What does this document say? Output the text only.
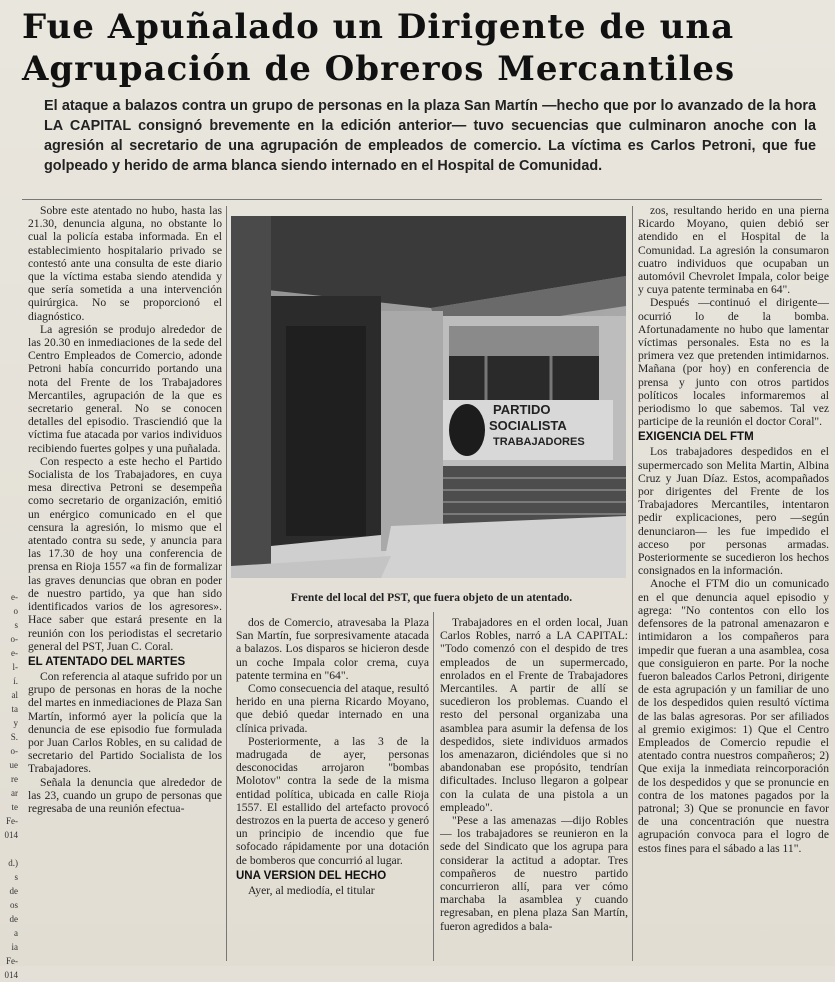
e-
o
s
o-
e-
l-
í.
al
ta
y
S.
o-
ue
re
ar
te
Fe-
014
d.)
s
de
os
de
a
ia
Fe-
014
Fue Apuñalado un Dirigente de una
Agrupación de Obreros Mercantiles

El ataque a balazos contra un grupo de personas en la plaza San Martín —hecho que por lo avanzado de la hora LA CAPITAL consignó brevemente en la edición anterior— tuvo secuencias que culminaron anoche con la agresión al secretario de una agrupación de empleados de comercio. La víctima es Carlos Petroni, que fue golpeado y herido de arma blanca siendo internado en el Hospital de Comunidad.

Sobre este atentado no hubo, hasta las 21.30, denuncia alguna, no obstante lo cual la policía estaba informada. En el establecimiento hospitalario privado se contestó ante una consulta de este diario que la víctima estaba siendo atendida y que sería sometida a una intervención quirúrgica. No se proporcionó el diagnóstico.

La agresión se produjo alrededor de las 20.30 en inmediaciones de la sede del Centro Empleados de Comercio, adonde Petroni había concurrido portando una nota del Frente de los Trabajadores Mercantiles, agrupación de la que es secretario general. No se conocen detalles del episodio. Trasciendió que la víctima fue atacada por varios individuos recibiendo fuertes golpes y una puñalada.

Con respecto a este hecho el Partido Socialista de los Trabajadores, en cuya mesa directiva Petroni se desempeña como secretario de organización, emitió un enérgico comunicado en el que censura la agresión, lo mismo que el atentado contra su sede, y anuncia para las 17.30 de hoy una conferencia de prensa en Rioja 1557 «a fin de formalizar las graves denuncias que obran en poder de nuestro partido, ya que han sido identificados varios de los agresores». Hace saber que estará presente en la reunión con los periodistas el secretario general del PST, Juan C. Coral.

EL ATENTADO DEL MARTES

Con referencia al ataque sufrido por un grupo de personas en horas de la noche del martes en inmediaciones de Plaza San Martín, informó ayer la policía que la denuncia de ese episodio fue formulada por Juan Carlos Robles, en su calidad de secretario del Partido Socialista de los Trabajadores.

Señala la denuncia que alrededor de las 23, cuando un grupo de personas que regresaba de una reunión efectua-

PARTIDO
SOCIALISTA
TRABAJADORES

Frente del local del PST, que fuera objeto de un atentado.

dos de Comercio, atravesaba la Plaza San Martín, fue sorpresivamente atacada a balazos. Los disparos se hicieron desde un coche Impala color crema, cuya patente termina en "64".

Como consecuencia del ataque, resultó herido en una pierna Ricardo Moyano, que debió quedar internado en una clínica privada.

Posteriormente, a las 3 de la madrugada de ayer, personas desconocidas arrojaron "bombas Molotov" contra la sede de la misma entidad política, ubicada en calle Rioja 1557. El estallido del artefacto provocó destrozos en la puerta de acceso y generó un principio de incendio que fue sofocado rápidamente por una dotación de bomberos que concurrió al lugar.

UNA VERSION DEL HECHO

Ayer, al mediodía, el titular

Trabajadores en el orden local, Juan Carlos Robles, narró a LA CAPITAL: "Todo comenzó con el despido de tres empleados de un supermercado, enrolados en el Frente de Trabajadores Mercantiles. A partir de allí se sucedieron los problemas. Cuando el resto del personal organizaba una asamblea para asumir la defensa de los despedidos, siete individuos armados los amenazaron, diciéndoles que si no abandonaban ese propósito, tendrían dificultades. Incluso llegaron a golpear con la culata de una pistola a un empleado".

"Pese a las amenazas —dijo Robles— los trabajadores se reunieron en la sede del Sindicato que los agrupa para considerar la actitud a adoptar. Tres compañeros de nuestro partido concurrieron allí, para ver cómo marchaba la asamblea y cuando regresaban, en plena plaza San Martín, fueron agredidos a bala-

zos, resultando herido en una pierna Ricardo Moyano, quien debió ser atendido en el Hospital de la Comunidad. La agresión la consumaron cuatro individuos que ocupaban un automóvil Chevrolet Impala, color beige y cuya patente terminaba en 64".

Después —continuó el dirigente— ocurrió lo de la bomba. Afortunadamente no hubo que lamentar víctimas personales. Esta no es la primera vez que pretenden intimidarnos. Mañana (por hoy) en conferencia de prensa y junto con otros partidos políticos locales informaremos al periodismo lo que sabemos. Tal vez participe de la reunión el doctor Coral".

EXIGENCIA DEL FTM

Los trabajadores despedidos en el supermercado son Melita Martin, Albina Cruz y Juan Díaz. Estos, acompañados por dirigentes del Frente de los Trabajadores Mercantiles, intentaron pedir explicaciones, pero —según denunciaron— les fue impedido el acceso por personas armadas. Posteriormente se sucedieron los hechos consignados en la información.

Anoche el FTM dio un comunicado en el que denuncia aquel episodio y agrega: "No contentos con ello los defensores de la patronal amenazaron e intimidaron a los compañeros para impedir que fueran a una asamblea, cosa que consiguieron en parte. Por la noche fueron baleados Carlos Petroni, dirigente de esta agrupación y un familiar de uno de los despedidos quien resultó víctima de las balas agresoras. Por ser afiliados al gremio exigimos: 1) Que el Centro Empleados de Comercio repudie el atentado contra nuestros compañeros; 2) Que exija la inmediata reincorporación de los despedidos y que se pronuncie en contra de los matones pagados por la patronal; 3) Que se pronuncie en favor de una concentración que nuestra agrupación convoca para el logro de estos fines para el sábado a las 11".
